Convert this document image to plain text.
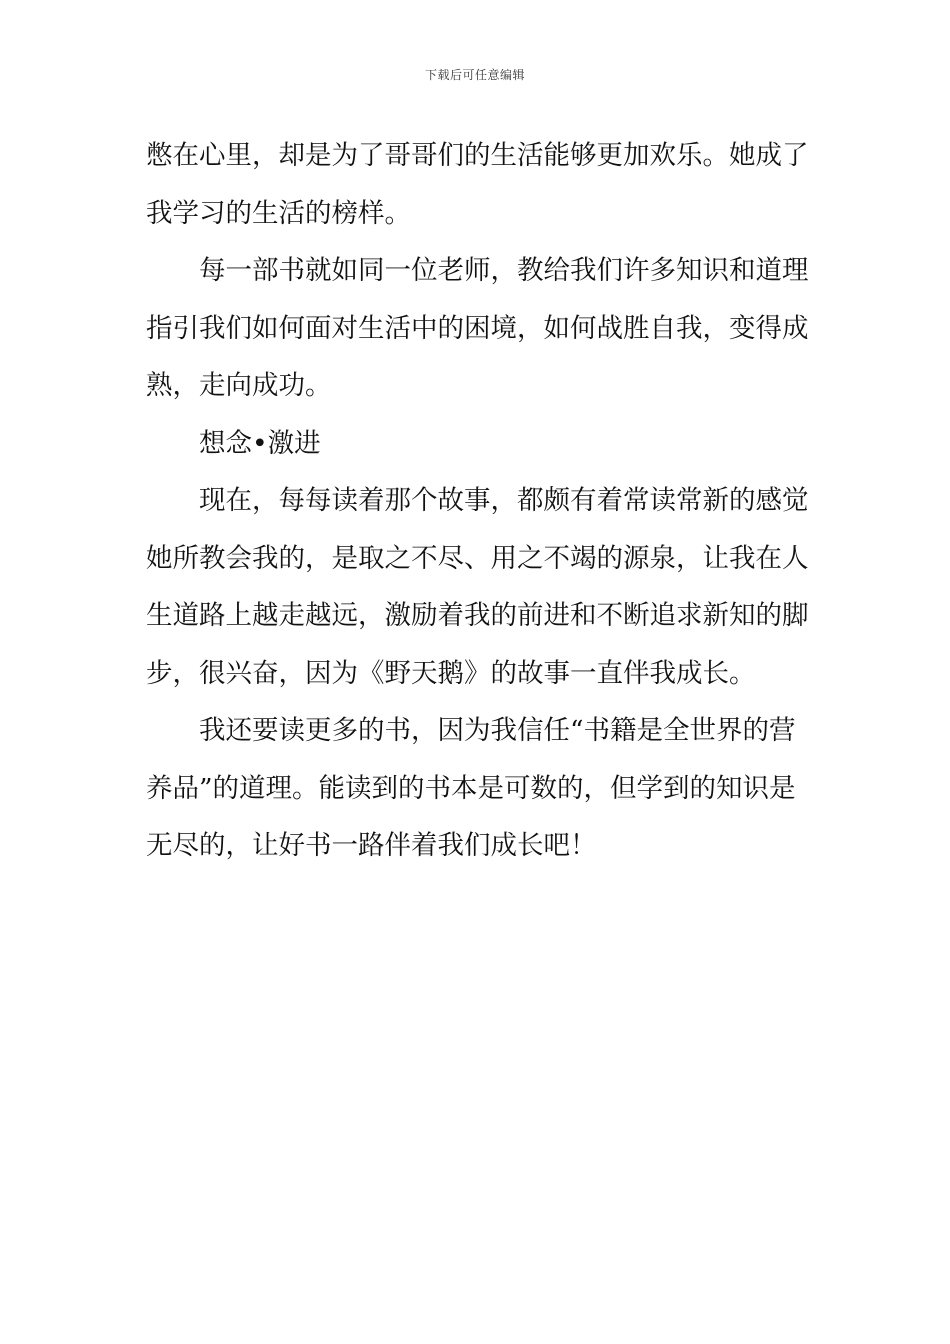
下载后可任意编辑
憋在心里，却是为了哥哥们的生活能够更加欢乐。她成了
我学习的生活的榜样。
每一部书就如同一位老师，教给我们许多知识和道理
指引我们如何面对生活中的困境，如何战胜自我，变得成
熟，走向成功。
想念•激进
现在，每每读着那个故事，都颇有着常读常新的感觉
她所教会我的，是取之不尽、用之不竭的源泉，让我在人
生道路上越走越远，激励着我的前进和不断追求新知的脚
步，很兴奋，因为《野天鹅》的故事一直伴我成长。
我还要读更多的书，因为我信任“书籍是全世界的营
养品”的道理。能读到的书本是可数的，但学到的知识是
无尽的，让好书一路伴着我们成长吧！
